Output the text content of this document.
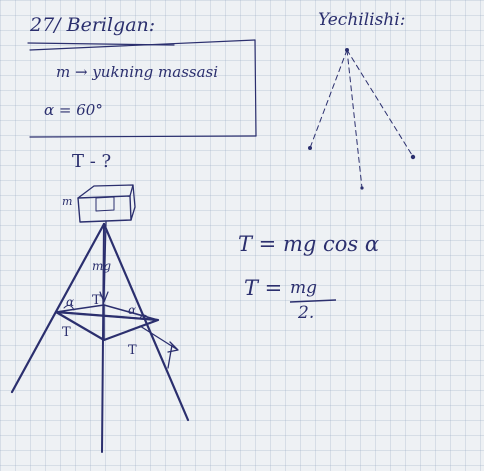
27/ Berilgan:	Yechilishi:
m → yukning massasi
α = 60°
T - ?
m
mg
α T
α
T
T
T = mg cos α
T = mg
2.
